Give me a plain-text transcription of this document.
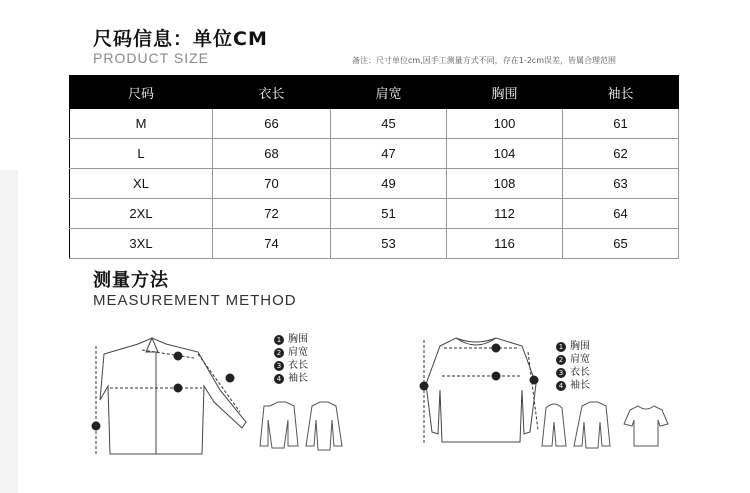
尺码信息：单位CM
PRODUCT SIZE	备注：尺寸单位cm,因手工测量方式不同，存在1-2cm误差，皆属合理范围
尺码	衣长	肩宽	胸围	袖长
M	66	45	100	61
L	68	47	104	62
XL	70	49	108	63
2XL	72	51	112	64
3XL	74	53	116	65
测量方法
MEASUREMENT METHOD
1 胸围
2 肩宽
3 衣长
4 袖长
1 胸围
2 肩宽
3 衣长
4 袖长
